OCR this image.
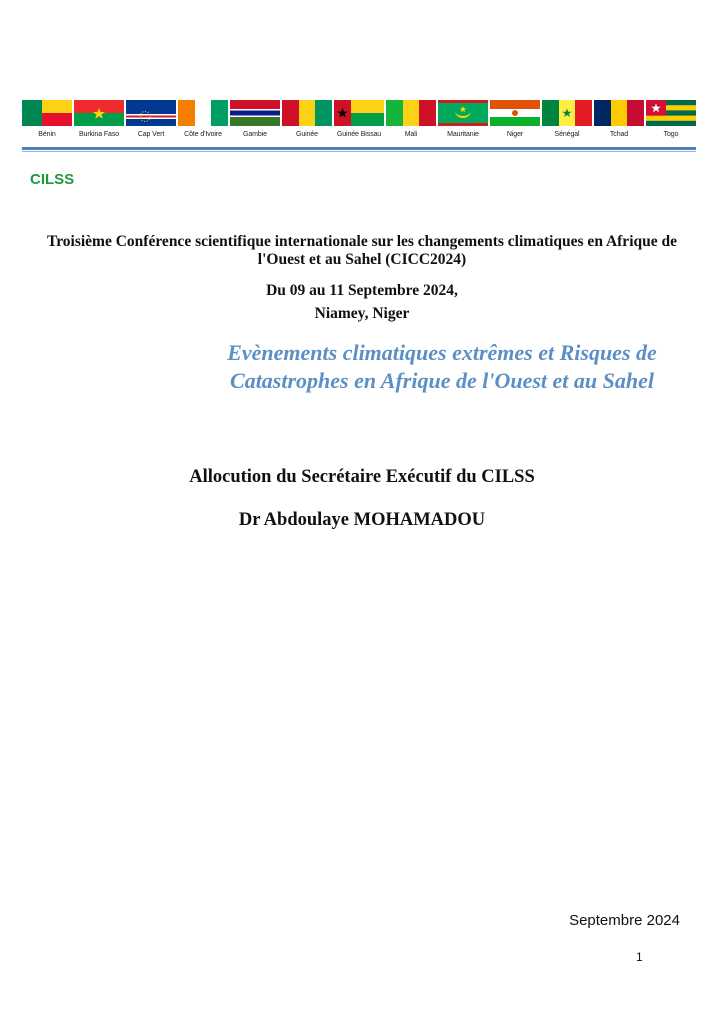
Bénin	Burkina Faso	Cap Vert	Côte d'Ivoire	Gambie	Guinée	Guinée Bissau	Mali	Mauritanie	Niger	Sénégal	Tchad	Togo
CILSS
Troisième Conférence scientifique internationale sur les changements climatiques en Afrique de l'Ouest et au Sahel (CICC2024)
Du 09 au 11 Septembre 2024,
Niamey, Niger
Evènements climatiques extrêmes et Risques de
Catastrophes en Afrique de l'Ouest et au Sahel
Allocution du Secrétaire Exécutif du CILSS
Dr Abdoulaye MOHAMADOU
Septembre 2024
1
